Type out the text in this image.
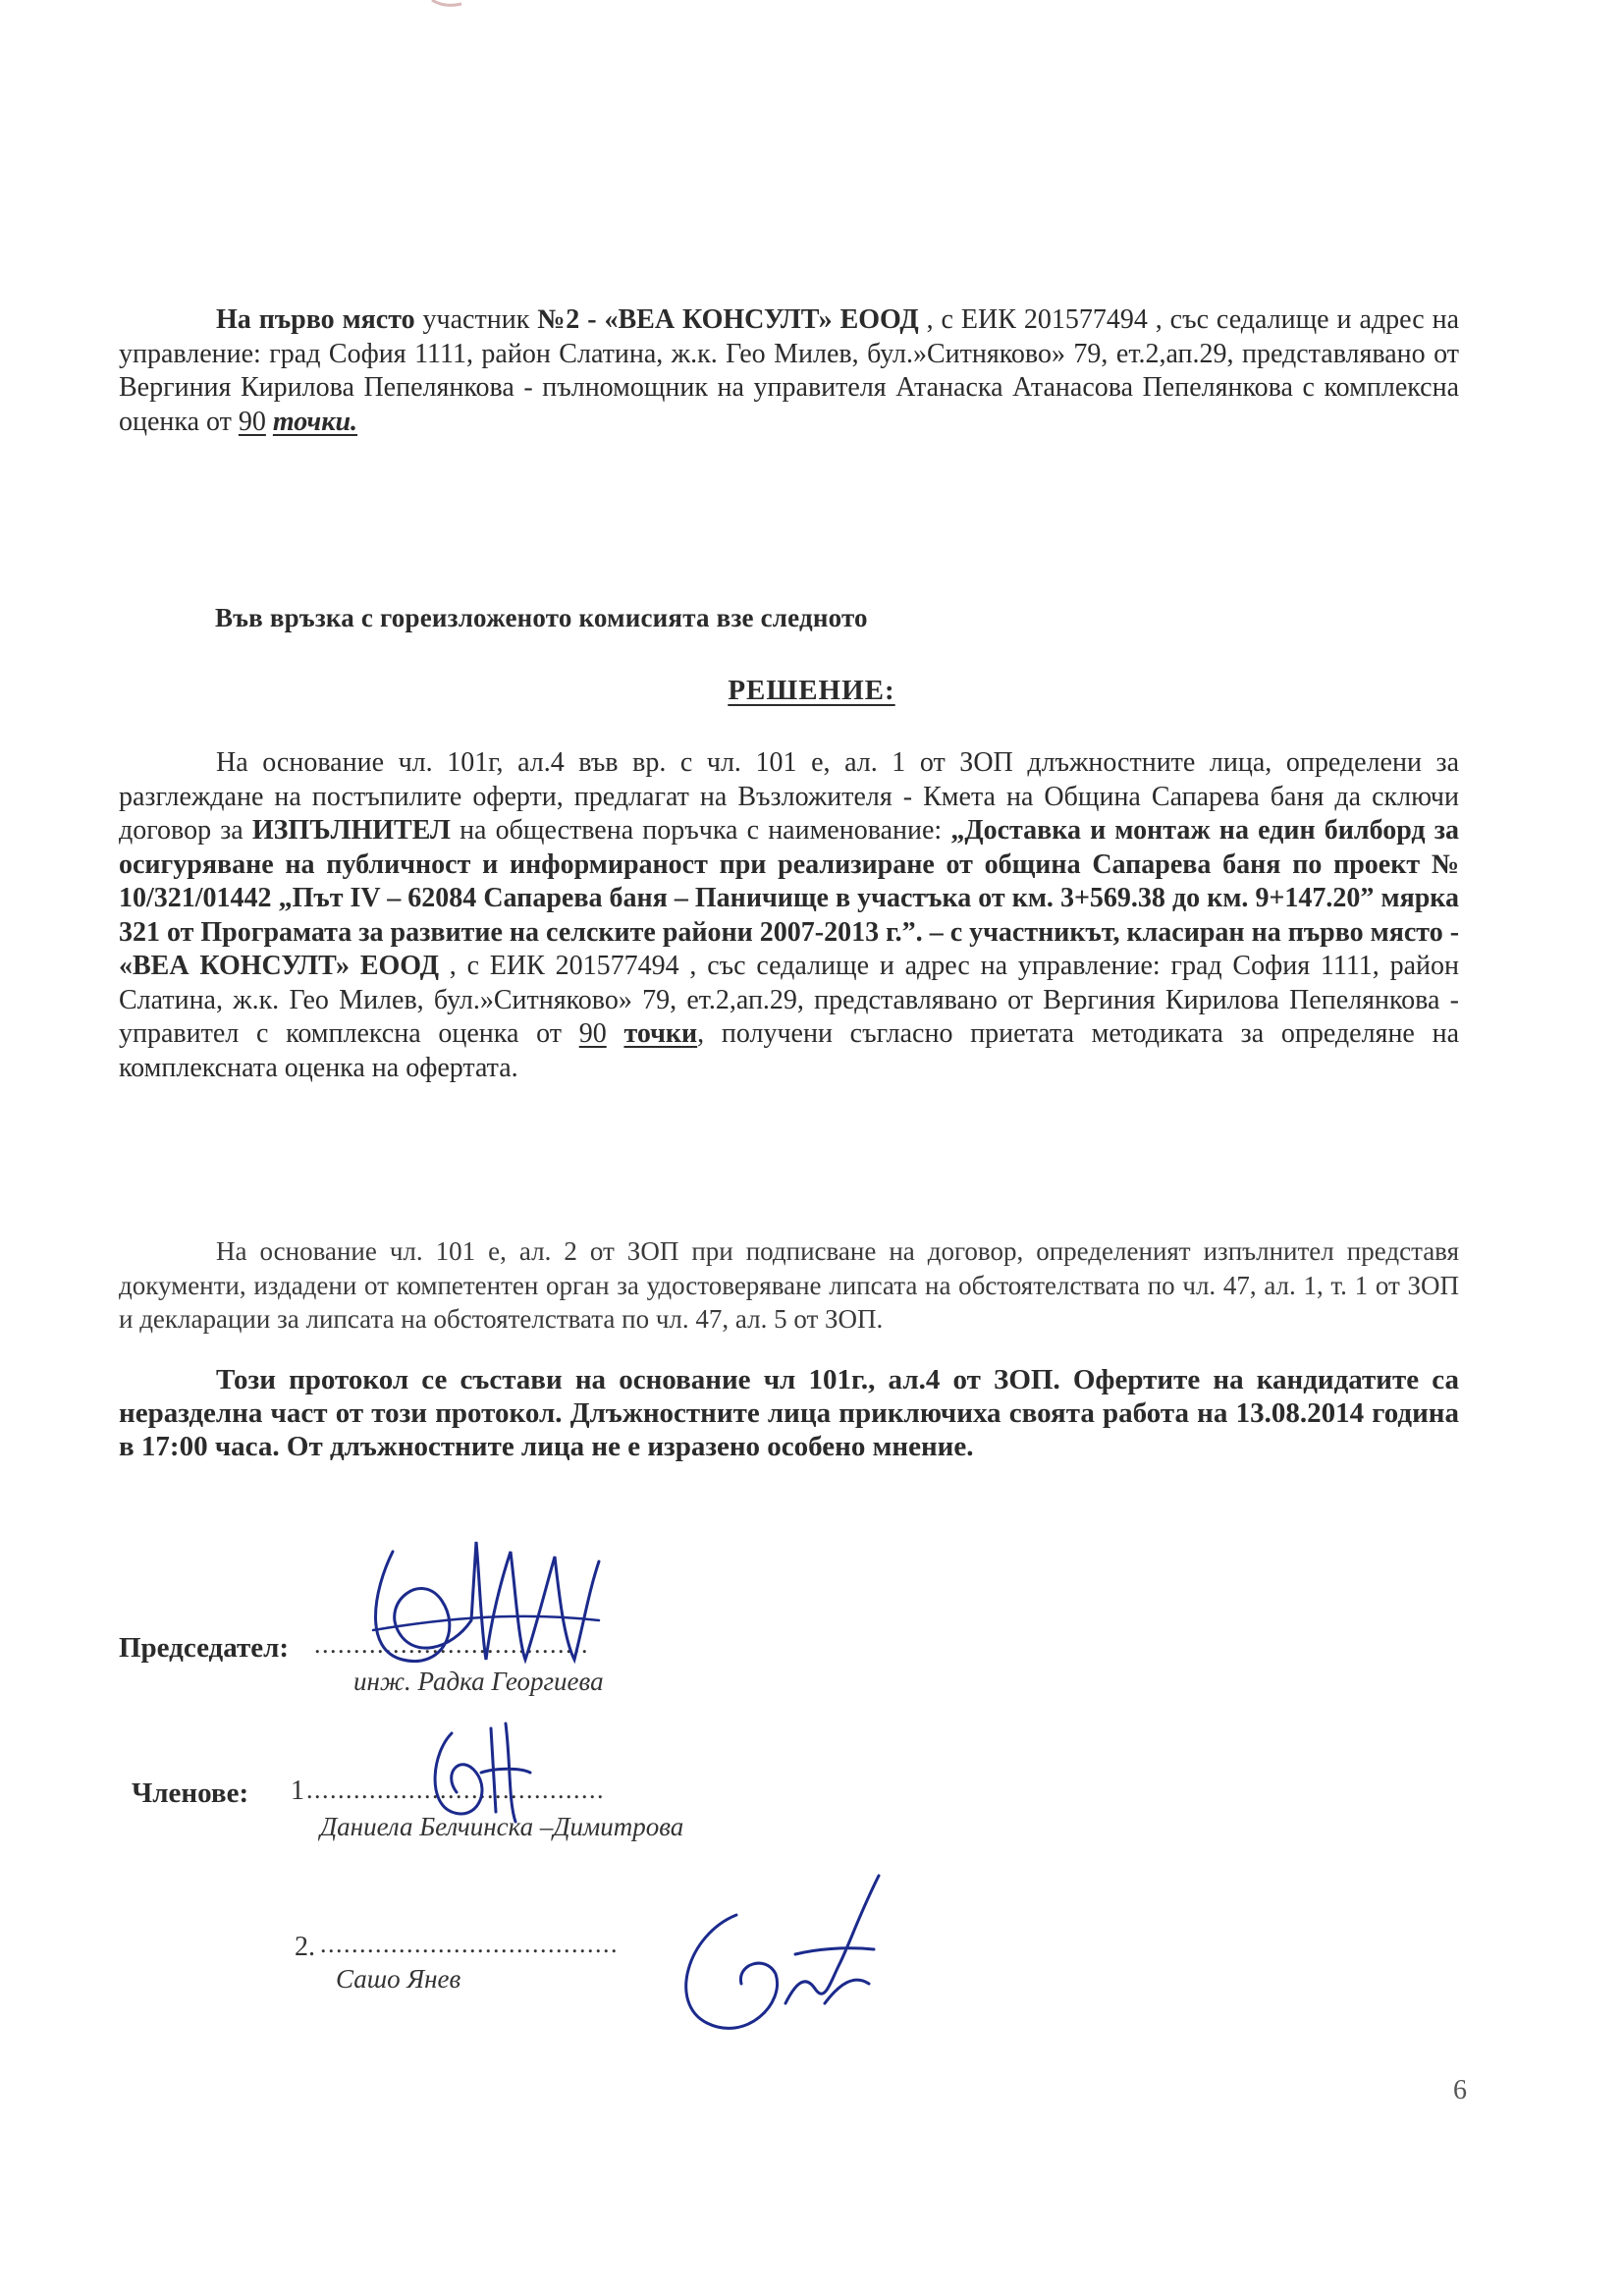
На първо място участник №2 - «ВЕА КОНСУЛТ» ЕООД , с ЕИК 201577494 , със седалище и адрес на управление: град София 1111, район Слатина, ж.к. Гео Милев, бул.»Ситняково» 79, ет.2,ап.29, представлявано от Вергиния Кирилова Пепелянкова - пълномощник на управителя Атанаска Атанасова Пепелянкова с комплексна оценка от 90 точки.
Във връзка с гореизложеното комисията взе следното
РЕШЕНИЕ:
На основание чл. 101г, ал.4 във вр. с чл. 101 е, ал. 1 от ЗОП длъжностните лица, определени за разглеждане на постъпилите оферти, предлагат на Възложителя - Кмета на Община Сапарева баня да сключи договор за ИЗПЪЛНИТЕЛ на обществена поръчка с наименование: „Доставка и монтаж на един билборд за осигуряване на публичност и информираност при реализиране от община Сапарева баня по проект № 10/321/01442 „Път IV – 62084 Сапарева баня – Паничище в участъка от км. 3+569.38 до км. 9+147.20” мярка 321 от Програмата за развитие на селските райони 2007-2013 г.”. – с участникът, класиран на първо място - «ВЕА КОНСУЛТ» ЕООД , с ЕИК 201577494 , със седалище и адрес на управление: град София 1111, район Слатина, ж.к. Гео Милев, бул.»Ситняково» 79, ет.2,ап.29, представлявано от Вергиния Кирилова Пепелянкова - управител с комплексна оценка от 90 точки, получени съгласно приетата методиката за определяне на комплексната оценка на офертата.
На основание чл. 101 е, ал. 2 от ЗОП при подписване на договор, определеният изпълнител представя документи, издадени от компетентен орган за удостоверяване липсата на обстоятелствата по чл. 47, ал. 1, т. 1 от ЗОП и декларации за липсата на обстоятелствата по чл. 47, ал. 5 от ЗОП.
Този протокол се състави на основание чл 101г., ал.4 от ЗОП. Офертите на кандидатите са неразделна част от този протокол. Длъжностните лица приключиха своята работа на 13.08.2014 година в 17:00 часа. От длъжностните лица не е изразено особено мнение.
Председател: ...................................
инж. Радка Георгиева
Членове: 1 ......................................
Даниела Белчинска –Димитрова
2. ......................................
Сашо Янев
6
